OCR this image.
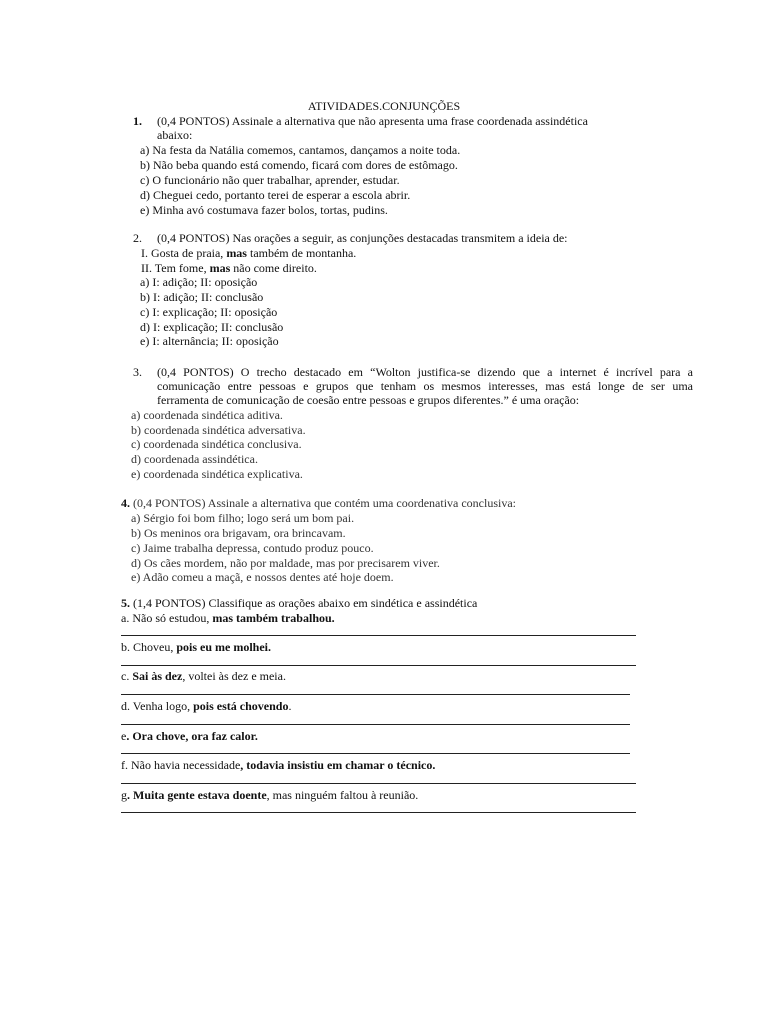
ATIVIDADES.CONJUNÇÕES
1. (0,4 PONTOS) Assinale a alternativa que não apresenta uma frase coordenada assindética
abaixo:
a) Na festa da Natália comemos, cantamos, dançamos a noite toda.
b) Não beba quando está comendo, ficará com dores de estômago.
c) O funcionário não quer trabalhar, aprender, estudar.
d) Cheguei cedo, portanto terei de esperar a escola abrir.
e) Minha avó costumava fazer bolos, tortas, pudins.
2. (0,4 PONTOS) Nas orações a seguir, as conjunções destacadas transmitem a ideia de:
I. Gosta de praia, mas também de montanha.
II. Tem fome, mas não come direito.
a) I: adição; II: oposição
b) I: adição; II: conclusão
c) I: explicação; II: oposição
d) I: explicação; II: conclusão
e) I: alternância; II: oposição
3. (0,4 PONTOS) O trecho destacado em “Wolton justifica-se dizendo que a internet é incrível para a
comunicação entre pessoas e grupos que tenham os mesmos interesses, mas está longe de ser uma
ferramenta de comunicação de coesão entre pessoas e grupos diferentes.” é uma oração:
a) coordenada sindética aditiva.
b) coordenada sindética adversativa.
c) coordenada sindética conclusiva.
d) coordenada assindética.
e) coordenada sindética explicativa.
4. (0,4 PONTOS) Assinale a alternativa que contém uma coordenativa conclusiva:
a) Sérgio foi bom filho; logo será um bom pai.
b) Os meninos ora brigavam, ora brincavam.
c) Jaime trabalha depressa, contudo produz pouco.
d) Os cães mordem, não por maldade, mas por precisarem viver.
e) Adão comeu a maçã, e nossos dentes até hoje doem.
5. (1,4 PONTOS) Classifique as orações abaixo em sindética e assindética
a. Não só estudou, mas também trabalhou.
b. Choveu, pois eu me molhei.
c. Sai às dez, voltei às dez e meia.
d. Venha logo, pois está chovendo.
e. Ora chove, ora faz calor.
f. Não havia necessidade, todavia insistiu em chamar o técnico.
g. Muita gente estava doente, mas ninguém faltou à reunião.
